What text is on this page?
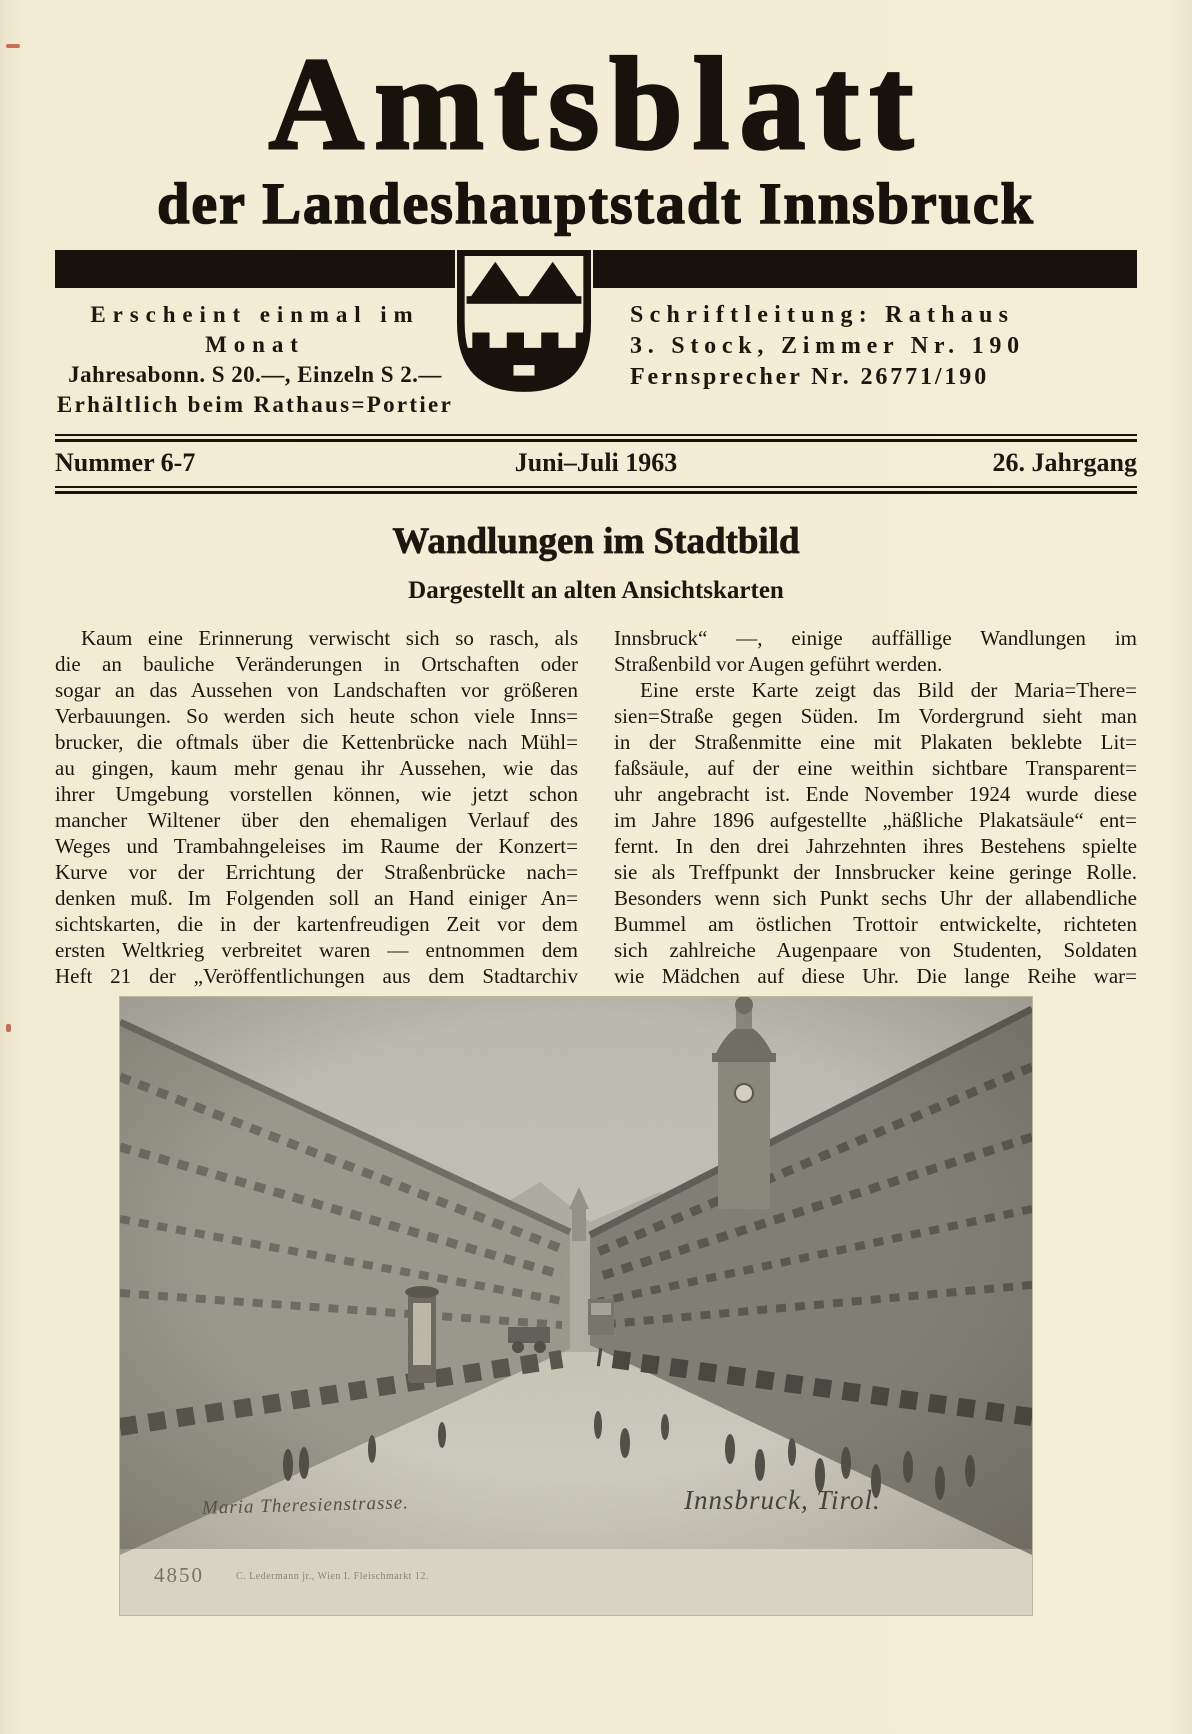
Amtsblatt
der Landeshauptstadt Innsbruck
Erscheint einmal im Monat
Jahresabonn. S 20.—, Einzeln S 2.—
Erhältlich beim Rathaus=Portier
Schriftleitung: Rathaus
3. Stock, Zimmer Nr. 190
Fernsprecher Nr. 26771/190
Nummer 6-7	Juni–Juli 1963	26. Jahrgang
Wandlungen im Stadtbild
Dargestellt an alten Ansichtskarten
Kaum eine Erinnerung verwischt sich so rasch, als
die an bauliche Veränderungen in Ortschaften oder
sogar an das Aussehen von Landschaften vor größeren
Verbauungen. So werden sich heute schon viele Inns=
brucker, die oftmals über die Kettenbrücke nach Mühl=
au gingen, kaum mehr genau ihr Aussehen, wie das
ihrer Umgebung vorstellen können, wie jetzt schon
mancher Wiltener über den ehemaligen Verlauf des
Weges und Trambahngeleises im Raume der Konzert=
Kurve vor der Errichtung der Straßenbrücke nach=
denken muß. Im Folgenden soll an Hand einiger An=
sichtskarten, die in der kartenfreudigen Zeit vor dem
ersten Weltkrieg verbreitet waren — entnommen dem
Heft 21 der „Veröffentlichungen aus dem Stadtarchiv
Innsbruck“ —, einige auffällige Wandlungen im
Straßenbild vor Augen geführt werden.
Eine erste Karte zeigt das Bild der Maria=There=
sien=Straße gegen Süden. Im Vordergrund sieht man
in der Straßenmitte eine mit Plakaten beklebte Lit=
faßsäule, auf der eine weithin sichtbare Transparent=
uhr angebracht ist. Ende November 1924 wurde diese
im Jahre 1896 aufgestellte „häßliche Plakatsäule“ ent=
fernt. In den drei Jahrzehnten ihres Bestehens spielte
sie als Treffpunkt der Innsbrucker keine geringe Rolle.
Besonders wenn sich Punkt sechs Uhr der allabendliche
Bummel am östlichen Trottoir entwickelte, richteten
sich zahlreiche Augenpaare von Studenten, Soldaten
wie Mädchen auf diese Uhr. Die lange Reihe war=
Maria Theresienstrasse.	Innsbruck, Tirol.
4850	C. Ledermann jr., Wien I. Fleischmarkt 12.
